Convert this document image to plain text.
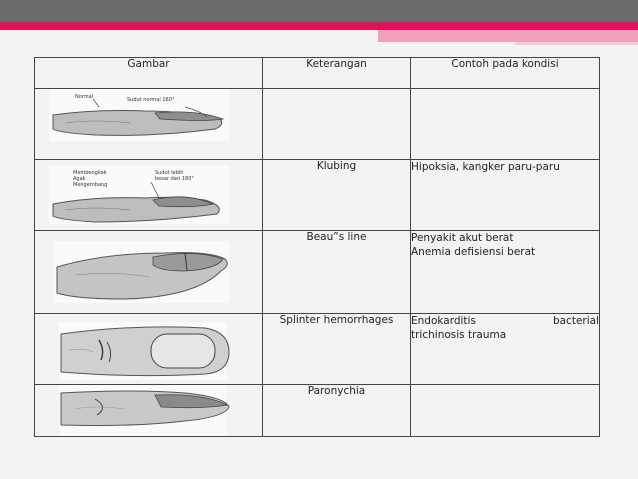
Gambar	Keterangan	Contoh pada kondisi

Normal Sudut normal 160°		

Membengkak
Agak
Mengembang
Sudut lebih
besar dari 180°	Klubing	Hipoksia, kangker paru-paru

	Beau”s line	Penyakit akut berat
Anemia defisiensi berat

	Splinter hemorrhages	Endokarditis bacterial
trichinosis trauma

	Paronychia	
